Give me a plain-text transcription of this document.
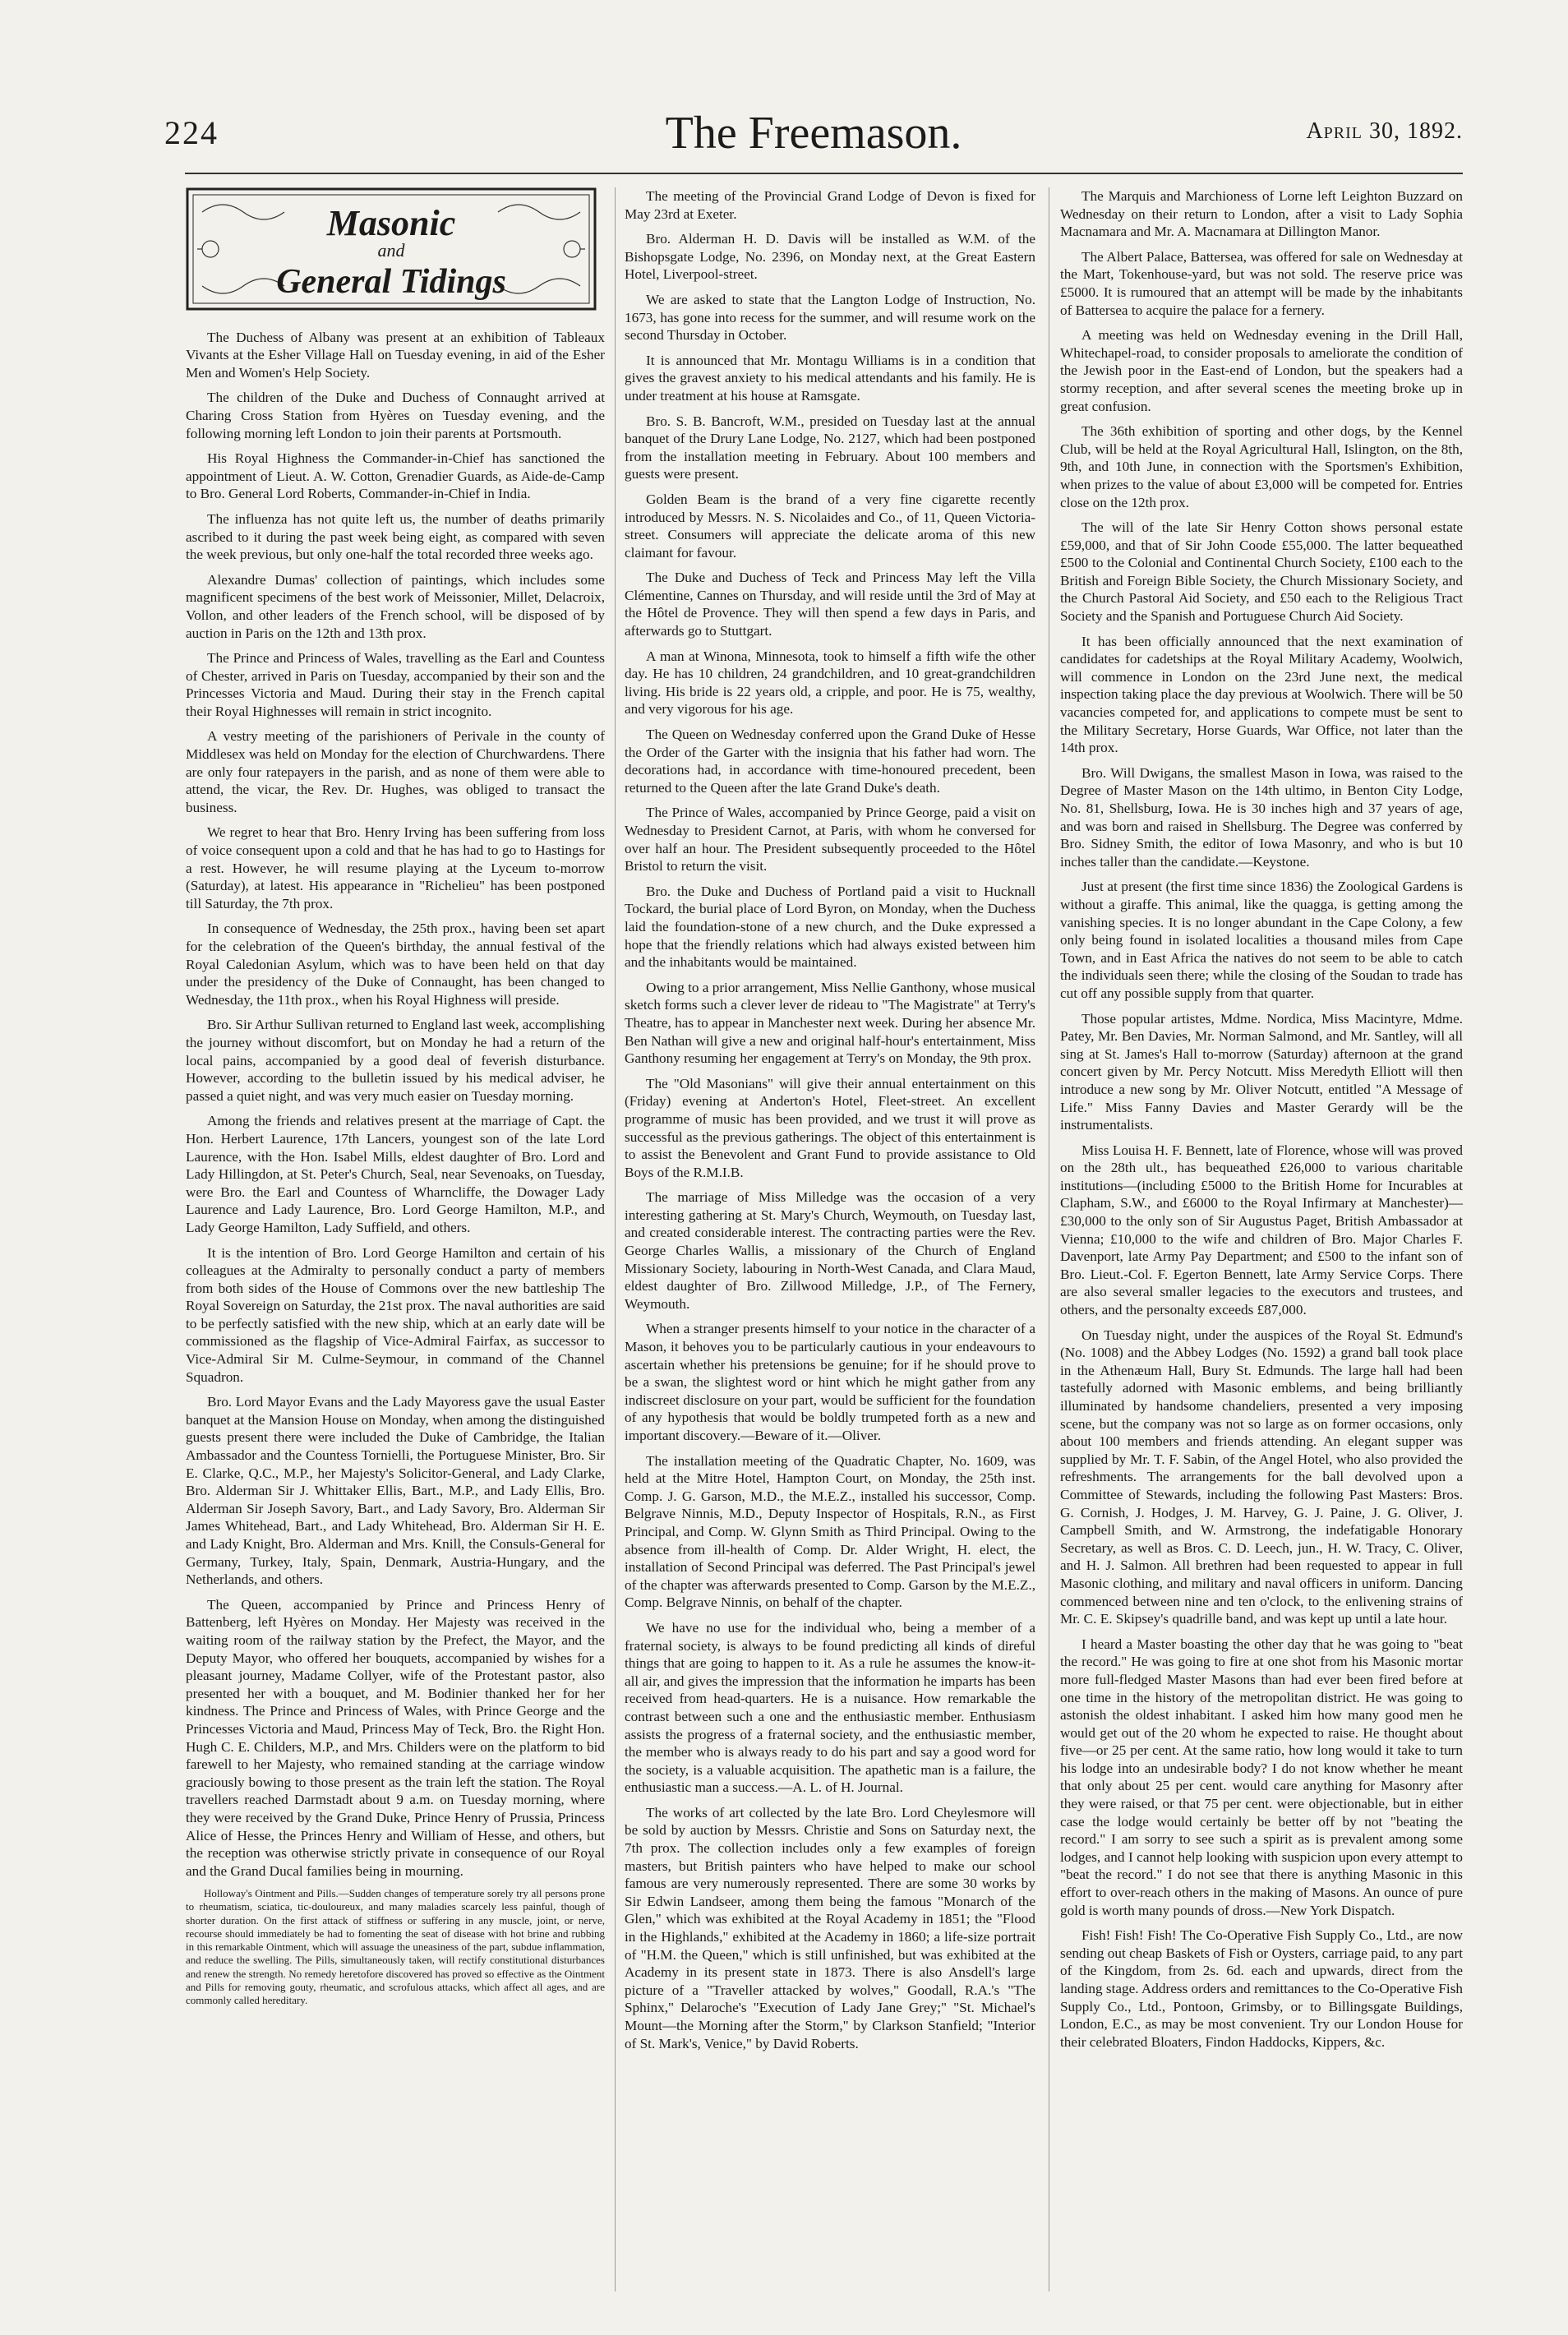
224	The Freemason.	April 30, 1892.
Masonic
and
General Tidings

The Duchess of Albany was present at an exhibition of Tableaux Vivants at the Esher Village Hall on Tuesday evening, in aid of the Esher Men and Women's Help Society.

The children of the Duke and Duchess of Connaught arrived at Charing Cross Station from Hyères on Tuesday evening, and the following morning left London to join their parents at Portsmouth.

His Royal Highness the Commander-in-Chief has sanctioned the appointment of Lieut. A. W. Cotton, Grenadier Guards, as Aide-de-Camp to Bro. General Lord Roberts, Commander-in-Chief in India.

The influenza has not quite left us, the number of deaths primarily ascribed to it during the past week being eight, as compared with seven the week previous, but only one-half the total recorded three weeks ago.

Alexandre Dumas' collection of paintings, which includes some magnificent specimens of the best work of Meissonier, Millet, Delacroix, Vollon, and other leaders of the French school, will be disposed of by auction in Paris on the 12th and 13th prox.

The Prince and Princess of Wales, travelling as the Earl and Countess of Chester, arrived in Paris on Tuesday, accompanied by their son and the Princesses Victoria and Maud. During their stay in the French capital their Royal Highnesses will remain in strict incognito.

A vestry meeting of the parishioners of Perivale in the county of Middlesex was held on Monday for the election of Churchwardens. There are only four ratepayers in the parish, and as none of them were able to attend, the vicar, the Rev. Dr. Hughes, was obliged to transact the business.

We regret to hear that Bro. Henry Irving has been suffering from loss of voice consequent upon a cold and that he has had to go to Hastings for a rest. However, he will resume playing at the Lyceum to-morrow (Saturday), at latest. His appearance in "Richelieu" has been postponed till Saturday, the 7th prox.

In consequence of Wednesday, the 25th prox., having been set apart for the celebration of the Queen's birthday, the annual festival of the Royal Caledonian Asylum, which was to have been held on that day under the presidency of the Duke of Connaught, has been changed to Wednesday, the 11th prox., when his Royal Highness will preside.

Bro. Sir Arthur Sullivan returned to England last week, accomplishing the journey without discomfort, but on Monday he had a return of the local pains, accompanied by a good deal of feverish disturbance. However, according to the bulletin issued by his medical adviser, he passed a quiet night, and was very much easier on Tuesday morning.

Among the friends and relatives present at the marriage of Capt. the Hon. Herbert Laurence, 17th Lancers, youngest son of the late Lord Laurence, with the Hon. Isabel Mills, eldest daughter of Bro. Lord and Lady Hillingdon, at St. Peter's Church, Seal, near Sevenoaks, on Tuesday, were Bro. the Earl and Countess of Wharncliffe, the Dowager Lady Laurence and Lady Laurence, Bro. Lord George Hamilton, M.P., and Lady George Hamilton, Lady Suffield, and others.

It is the intention of Bro. Lord George Hamilton and certain of his colleagues at the Admiralty to personally conduct a party of members from both sides of the House of Commons over the new battleship The Royal Sovereign on Saturday, the 21st prox. The naval authorities are said to be perfectly satisfied with the new ship, which at an early date will be commissioned as the flagship of Vice-Admiral Fairfax, as successor to Vice-Admiral Sir M. Culme-Seymour, in command of the Channel Squadron.

Bro. Lord Mayor Evans and the Lady Mayoress gave the usual Easter banquet at the Mansion House on Monday, when among the distinguished guests present there were included the Duke of Cambridge, the Italian Ambassador and the Countess Tornielli, the Portuguese Minister, Bro. Sir E. Clarke, Q.C., M.P., her Majesty's Solicitor-General, and Lady Clarke, Bro. Alderman Sir J. Whittaker Ellis, Bart., M.P., and Lady Ellis, Bro. Alderman Sir Joseph Savory, Bart., and Lady Savory, Bro. Alderman Sir James Whitehead, Bart., and Lady Whitehead, Bro. Alderman Sir H. E. and Lady Knight, Bro. Alderman and Mrs. Knill, the Consuls-General for Germany, Turkey, Italy, Spain, Denmark, Austria-Hungary, and the Netherlands, and others.

The Queen, accompanied by Prince and Princess Henry of Battenberg, left Hyères on Monday. Her Majesty was received in the waiting room of the railway station by the Prefect, the Mayor, and the Deputy Mayor, who offered her bouquets, accompanied by wishes for a pleasant journey, Madame Collyer, wife of the Protestant pastor, also presented her with a bouquet, and M. Bodinier thanked her for her kindness. The Prince and Princess of Wales, with Prince George and the Princesses Victoria and Maud, Princess May of Teck, Bro. the Right Hon. Hugh C. E. Childers, M.P., and Mrs. Childers were on the platform to bid farewell to her Majesty, who remained standing at the carriage window graciously bowing to those present as the train left the station. The Royal travellers reached Darmstadt about 9 a.m. on Tuesday morning, where they were received by the Grand Duke, Prince Henry of Prussia, Princess Alice of Hesse, the Princes Henry and William of Hesse, and others, but the reception was otherwise strictly private in consequence of our Royal and the Grand Ducal families being in mourning.

Holloway's Ointment and Pills.—Sudden changes of temperature sorely try all persons prone to rheumatism, sciatica, tic-douloureux, and many maladies scarcely less painful, though of shorter duration. On the first attack of stiffness or suffering in any muscle, joint, or nerve, recourse should immediately be had to fomenting the seat of disease with hot brine and rubbing in this remarkable Ointment, which will assuage the uneasiness of the part, subdue inflammation, and reduce the swelling. The Pills, simultaneously taken, will rectify constitutional disturbances and renew the strength. No remedy heretofore discovered has proved so effective as the Ointment and Pills for removing gouty, rheumatic, and scrofulous attacks, which affect all ages, and are commonly called hereditary.

The meeting of the Provincial Grand Lodge of Devon is fixed for May 23rd at Exeter.

Bro. Alderman H. D. Davis will be installed as W.M. of the Bishopsgate Lodge, No. 2396, on Monday next, at the Great Eastern Hotel, Liverpool-street.

We are asked to state that the Langton Lodge of Instruction, No. 1673, has gone into recess for the summer, and will resume work on the second Thursday in October.

It is announced that Mr. Montagu Williams is in a condition that gives the gravest anxiety to his medical attendants and his family. He is under treatment at his house at Ramsgate.

Bro. S. B. Bancroft, W.M., presided on Tuesday last at the annual banquet of the Drury Lane Lodge, No. 2127, which had been postponed from the installation meeting in February. About 100 members and guests were present.

Golden Beam is the brand of a very fine cigarette recently introduced by Messrs. N. S. Nicolaides and Co., of 11, Queen Victoria-street. Consumers will appreciate the delicate aroma of this new claimant for favour.

The Duke and Duchess of Teck and Princess May left the Villa Clémentine, Cannes on Thursday, and will reside until the 3rd of May at the Hôtel de Provence. They will then spend a few days in Paris, and afterwards go to Stuttgart.

A man at Winona, Minnesota, took to himself a fifth wife the other day. He has 10 children, 24 grandchildren, and 10 great-grandchildren living. His bride is 22 years old, a cripple, and poor. He is 75, wealthy, and very vigorous for his age.

The Queen on Wednesday conferred upon the Grand Duke of Hesse the Order of the Garter with the insignia that his father had worn. The decorations had, in accordance with time-honoured precedent, been returned to the Queen after the late Grand Duke's death.

The Prince of Wales, accompanied by Prince George, paid a visit on Wednesday to President Carnot, at Paris, with whom he conversed for over half an hour. The President subsequently proceeded to the Hôtel Bristol to return the visit.

Bro. the Duke and Duchess of Portland paid a visit to Hucknall Tockard, the burial place of Lord Byron, on Monday, when the Duchess laid the foundation-stone of a new church, and the Duke expressed a hope that the friendly relations which had always existed between him and the inhabitants would be maintained.

Owing to a prior arrangement, Miss Nellie Ganthony, whose musical sketch forms such a clever lever de rideau to "The Magistrate" at Terry's Theatre, has to appear in Manchester next week. During her absence Mr. Ben Nathan will give a new and original half-hour's entertainment, Miss Ganthony resuming her engagement at Terry's on Monday, the 9th prox.

The "Old Masonians" will give their annual entertainment on this (Friday) evening at Anderton's Hotel, Fleet-street. An excellent programme of music has been provided, and we trust it will prove as successful as the previous gatherings. The object of this entertainment is to assist the Benevolent and Grant Fund to provide assistance to Old Boys of the R.M.I.B.

The marriage of Miss Milledge was the occasion of a very interesting gathering at St. Mary's Church, Weymouth, on Tuesday last, and created considerable interest. The contracting parties were the Rev. George Charles Wallis, a missionary of the Church of England Missionary Society, labouring in North-West Canada, and Clara Maud, eldest daughter of Bro. Zillwood Milledge, J.P., of The Fernery, Weymouth.

When a stranger presents himself to your notice in the character of a Mason, it behoves you to be particularly cautious in your endeavours to ascertain whether his pretensions be genuine; for if he should prove to be a swan, the slightest word or hint which he might gather from any indiscreet disclosure on your part, would be sufficient for the foundation of any hypothesis that would be boldly trumpeted forth as a new and important discovery.—Beware of it.—Oliver.

The installation meeting of the Quadratic Chapter, No. 1609, was held at the Mitre Hotel, Hampton Court, on Monday, the 25th inst. Comp. J. G. Garson, M.D., the M.E.Z., installed his successor, Comp. Belgrave Ninnis, M.D., Deputy Inspector of Hospitals, R.N., as First Principal, and Comp. W. Glynn Smith as Third Principal. Owing to the absence from ill-health of Comp. Dr. Alder Wright, H. elect, the installation of Second Principal was deferred. The Past Principal's jewel of the chapter was afterwards presented to Comp. Garson by the M.E.Z., Comp. Belgrave Ninnis, on behalf of the chapter.

We have no use for the individual who, being a member of a fraternal society, is always to be found predicting all kinds of direful things that are going to happen to it. As a rule he assumes the know-it-all air, and gives the impression that the information he imparts has been received from head-quarters. He is a nuisance. How remarkable the contrast between such a one and the enthusiastic member. Enthusiasm assists the progress of a fraternal society, and the enthusiastic member, the member who is always ready to do his part and say a good word for the society, is a valuable acquisition. The apathetic man is a failure, the enthusiastic man a success.—A. L. of H. Journal.

The works of art collected by the late Bro. Lord Cheylesmore will be sold by auction by Messrs. Christie and Sons on Saturday next, the 7th prox. The collection includes only a few examples of foreign masters, but British painters who have helped to make our school famous are very numerously represented. There are some 30 works by Sir Edwin Landseer, among them being the famous "Monarch of the Glen," which was exhibited at the Royal Academy in 1851; the "Flood in the Highlands," exhibited at the Academy in 1860; a life-size portrait of "H.M. the Queen," which is still unfinished, but was exhibited at the Academy in its present state in 1873. There is also Ansdell's large picture of a "Traveller attacked by wolves," Goodall, R.A.'s "The Sphinx," Delaroche's "Execution of Lady Jane Grey;" "St. Michael's Mount—the Morning after the Storm," by Clarkson Stanfield; "Interior of St. Mark's, Venice," by David Roberts.

The Marquis and Marchioness of Lorne left Leighton Buzzard on Wednesday on their return to London, after a visit to Lady Sophia Macnamara and Mr. A. Macnamara at Dillington Manor.

The Albert Palace, Battersea, was offered for sale on Wednesday at the Mart, Tokenhouse-yard, but was not sold. The reserve price was £5000. It is rumoured that an attempt will be made by the inhabitants of Battersea to acquire the palace for a fernery.

A meeting was held on Wednesday evening in the Drill Hall, Whitechapel-road, to consider proposals to ameliorate the condition of the Jewish poor in the East-end of London, but the speakers had a stormy reception, and after several scenes the meeting broke up in great confusion.

The 36th exhibition of sporting and other dogs, by the Kennel Club, will be held at the Royal Agricultural Hall, Islington, on the 8th, 9th, and 10th June, in connection with the Sportsmen's Exhibition, when prizes to the value of about £3,000 will be competed for. Entries close on the 12th prox.

The will of the late Sir Henry Cotton shows personal estate £59,000, and that of Sir John Coode £55,000. The latter bequeathed £500 to the Colonial and Continental Church Society, £100 each to the British and Foreign Bible Society, the Church Missionary Society, and the Church Pastoral Aid Society, and £50 each to the Religious Tract Society and the Spanish and Portuguese Church Aid Society.

It has been officially announced that the next examination of candidates for cadetships at the Royal Military Academy, Woolwich, will commence in London on the 23rd June next, the medical inspection taking place the day previous at Woolwich. There will be 50 vacancies competed for, and applications to compete must be sent to the Military Secretary, Horse Guards, War Office, not later than the 14th prox.

Bro. Will Dwigans, the smallest Mason in Iowa, was raised to the Degree of Master Mason on the 14th ultimo, in Benton City Lodge, No. 81, Shellsburg, Iowa. He is 30 inches high and 37 years of age, and was born and raised in Shellsburg. The Degree was conferred by Bro. Sidney Smith, the editor of Iowa Masonry, and who is but 10 inches taller than the candidate.—Keystone.

Just at present (the first time since 1836) the Zoological Gardens is without a giraffe. This animal, like the quagga, is getting among the vanishing species. It is no longer abundant in the Cape Colony, a few only being found in isolated localities a thousand miles from Cape Town, and in East Africa the natives do not seem to be able to catch the individuals seen there; while the closing of the Soudan to trade has cut off any possible supply from that quarter.

Those popular artistes, Mdme. Nordica, Miss Macintyre, Mdme. Patey, Mr. Ben Davies, Mr. Norman Salmond, and Mr. Santley, will all sing at St. James's Hall to-morrow (Saturday) afternoon at the grand concert given by Mr. Percy Notcutt. Miss Meredyth Elliott will then introduce a new song by Mr. Oliver Notcutt, entitled "A Message of Life." Miss Fanny Davies and Master Gerardy will be the instrumentalists.

Miss Louisa H. F. Bennett, late of Florence, whose will was proved on the 28th ult., has bequeathed £26,000 to various charitable institutions—(including £5000 to the British Home for Incurables at Clapham, S.W., and £6000 to the Royal Infirmary at Manchester)—£30,000 to the only son of Sir Augustus Paget, British Ambassador at Vienna; £10,000 to the wife and children of Bro. Major Charles F. Davenport, late Army Pay Department; and £500 to the infant son of Bro. Lieut.-Col. F. Egerton Bennett, late Army Service Corps. There are also several smaller legacies to the executors and trustees, and others, and the personalty exceeds £87,000.

On Tuesday night, under the auspices of the Royal St. Edmund's (No. 1008) and the Abbey Lodges (No. 1592) a grand ball took place in the Athenæum Hall, Bury St. Edmunds. The large hall had been tastefully adorned with Masonic emblems, and being brilliantly illuminated by handsome chandeliers, presented a very imposing scene, but the company was not so large as on former occasions, only about 100 members and friends attending. An elegant supper was supplied by Mr. T. F. Sabin, of the Angel Hotel, who also provided the refreshments. The arrangements for the ball devolved upon a Committee of Stewards, including the following Past Masters: Bros. G. Cornish, J. Hodges, J. M. Harvey, G. J. Paine, J. G. Oliver, J. Campbell Smith, and W. Armstrong, the indefatigable Honorary Secretary, as well as Bros. C. D. Leech, jun., H. W. Tracy, C. Oliver, and H. J. Salmon. All brethren had been requested to appear in full Masonic clothing, and military and naval officers in uniform. Dancing commenced between nine and ten o'clock, to the enlivening strains of Mr. C. E. Skipsey's quadrille band, and was kept up until a late hour.

I heard a Master boasting the other day that he was going to "beat the record." He was going to fire at one shot from his Masonic mortar more full-fledged Master Masons than had ever been fired before at one time in the history of the metropolitan district. He was going to astonish the oldest inhabitant. I asked him how many good men he would get out of the 20 whom he expected to raise. He thought about five—or 25 per cent. At the same ratio, how long would it take to turn his lodge into an undesirable body? I do not know whether he meant that only about 25 per cent. would care anything for Masonry after they were raised, or that 75 per cent. were objectionable, but in either case the lodge would certainly be better off by not "beating the record." I am sorry to see such a spirit as is prevalent among some lodges, and I cannot help looking with suspicion upon every attempt to "beat the record." I do not see that there is anything Masonic in this effort to over-reach others in the making of Masons. An ounce of pure gold is worth many pounds of dross.—New York Dispatch.

Fish! Fish! Fish! The Co-Operative Fish Supply Co., Ltd., are now sending out cheap Baskets of Fish or Oysters, carriage paid, to any part of the Kingdom, from 2s. 6d. each and upwards, direct from the landing stage. Address orders and remittances to the Co-Operative Fish Supply Co., Ltd., Pontoon, Grimsby, or to Billingsgate Buildings, London, E.C., as may be most convenient. Try our London House for their celebrated Bloaters, Findon Haddocks, Kippers, &c.
